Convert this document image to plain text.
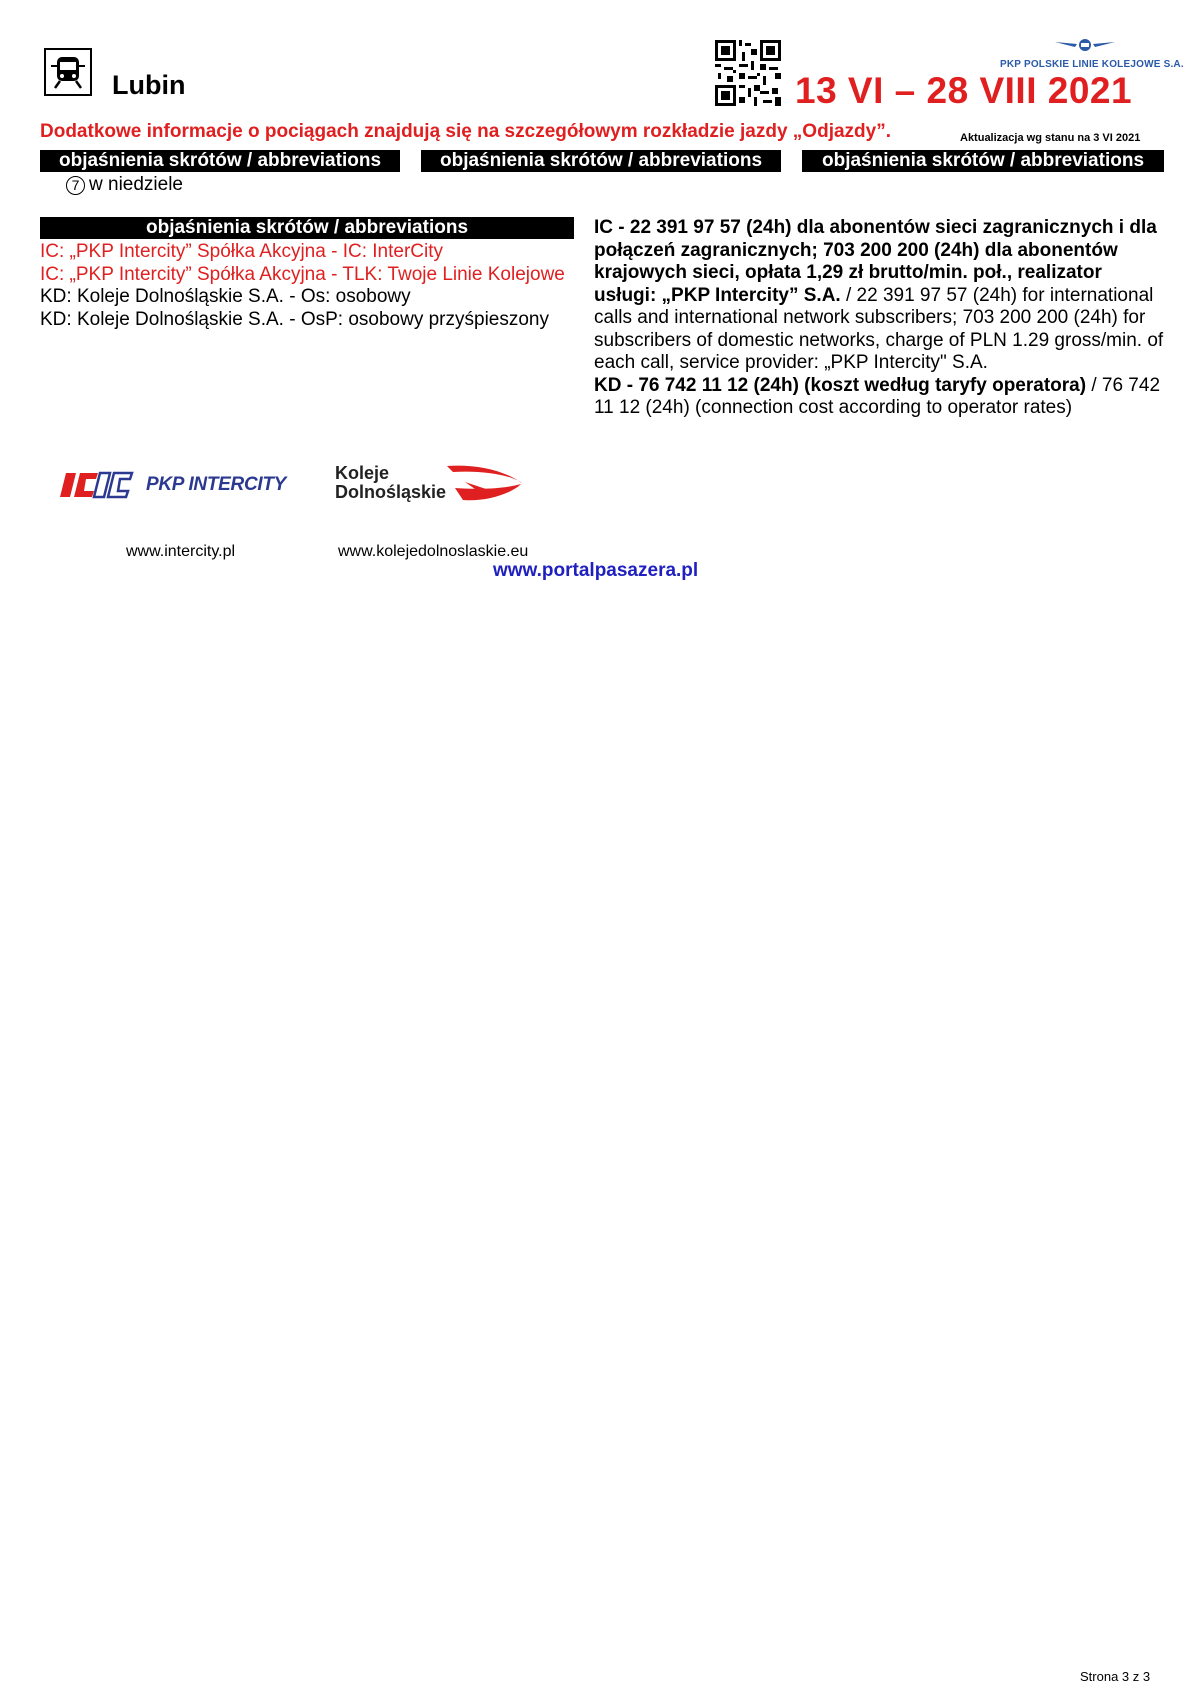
Lubin
PKP POLSKIE LINIE KOLEJOWE S.A.
13 VI – 28 VIII 2021
Dodatkowe informacje o pociągach znajdują się na szczegółowym rozkładzie jazdy „Odjazdy”.	Aktualizacja wg stanu na 3 VI 2021
objaśnienia skrótów / abbreviations	objaśnienia skrótów / abbreviations	objaśnienia skrótów / abbreviations
7 w niedziele
objaśnienia skrótów / abbreviations
IC: „PKP Intercity” Spółka Akcyjna - IC: InterCity
IC: „PKP Intercity” Spółka Akcyjna - TLK: Twoje Linie Kolejowe
KD: Koleje Dolnośląskie S.A. - Os: osobowy
KD: Koleje Dolnośląskie S.A. - OsP: osobowy przyśpieszony
IC - 22 391 97 57 (24h) dla abonentów sieci zagranicznych i dla połączeń zagranicznych; 703 200 200 (24h) dla abonentów krajowych sieci, opłata 1,29 zł brutto/min. poł., realizator usługi: „PKP Intercity” S.A. / 22 391 97 57 (24h) for international calls and international network subscribers; 703 200 200 (24h) for subscribers of domestic networks, charge of PLN 1.29 gross/min. of each call, service provider: „PKP Intercity" S.A.
KD - 76 742 11 12 (24h) (koszt według taryfy operatora) / 76 742 11 12 (24h) (connection cost according to operator rates)
PKP INTERCITY
Koleje
Dolnośląskie
www.intercity.pl	www.kolejedolnoslaskie.eu
www.portalpasazera.pl
Strona 3 z 3
